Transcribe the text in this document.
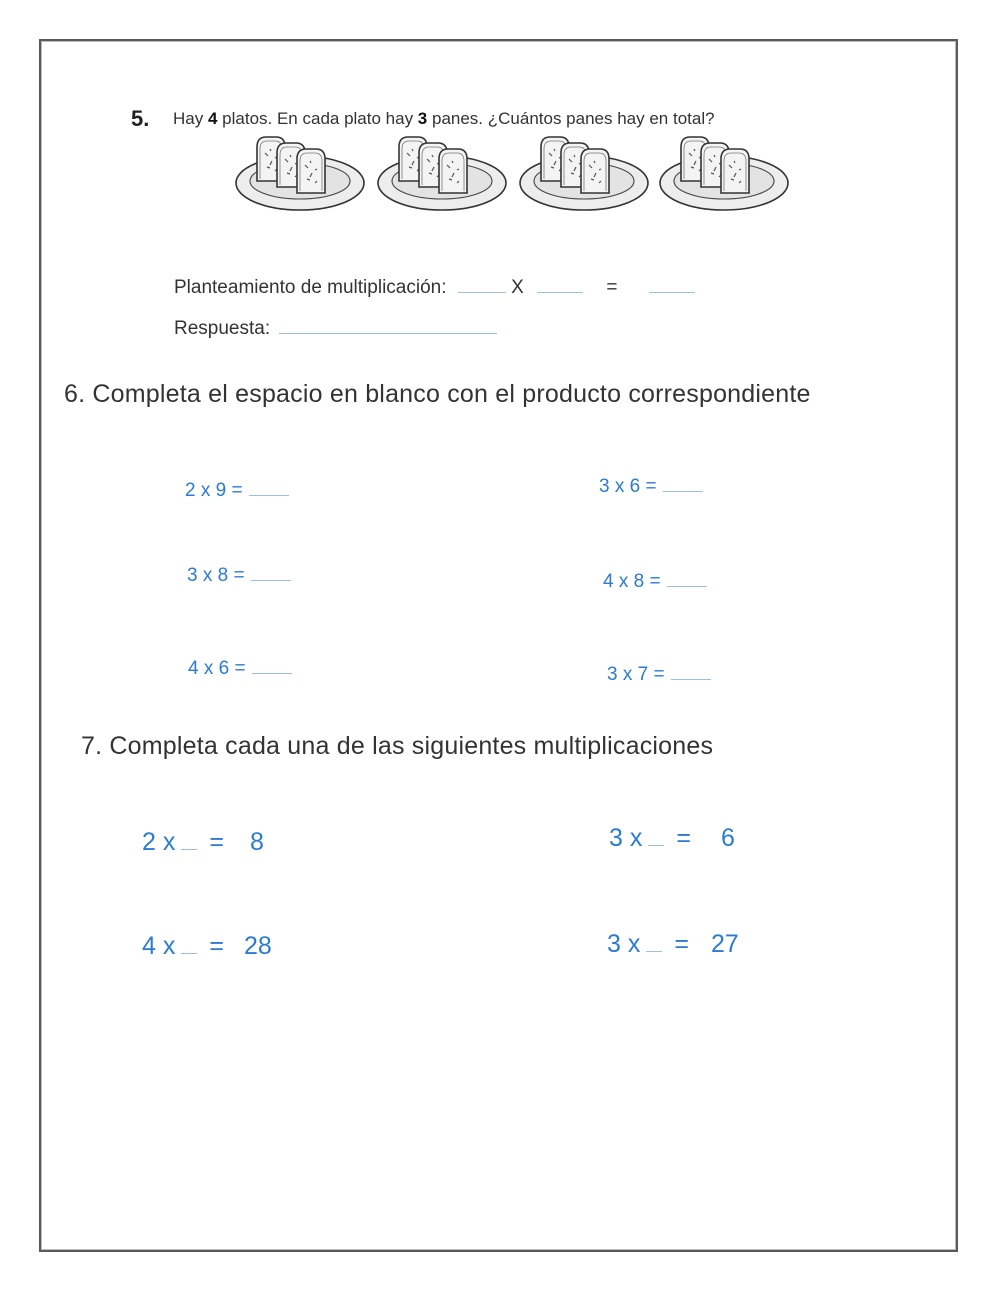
5. Hay 4 platos. En cada plato hay 3 panes. ¿Cuántos panes hay en total?
Planteamiento de multiplicación:	X	=
Respuesta:
6. Completa el espacio en blanco con el producto correspondiente
2 x 9 =	3 x 6 =
3 x 8 =	4 x 8 =
4 x 6 =	3 x 7 =
7. Completa cada una de las siguientes multiplicaciones
2 x = 8	3 x = 6
4 x = 28	3 x = 27
